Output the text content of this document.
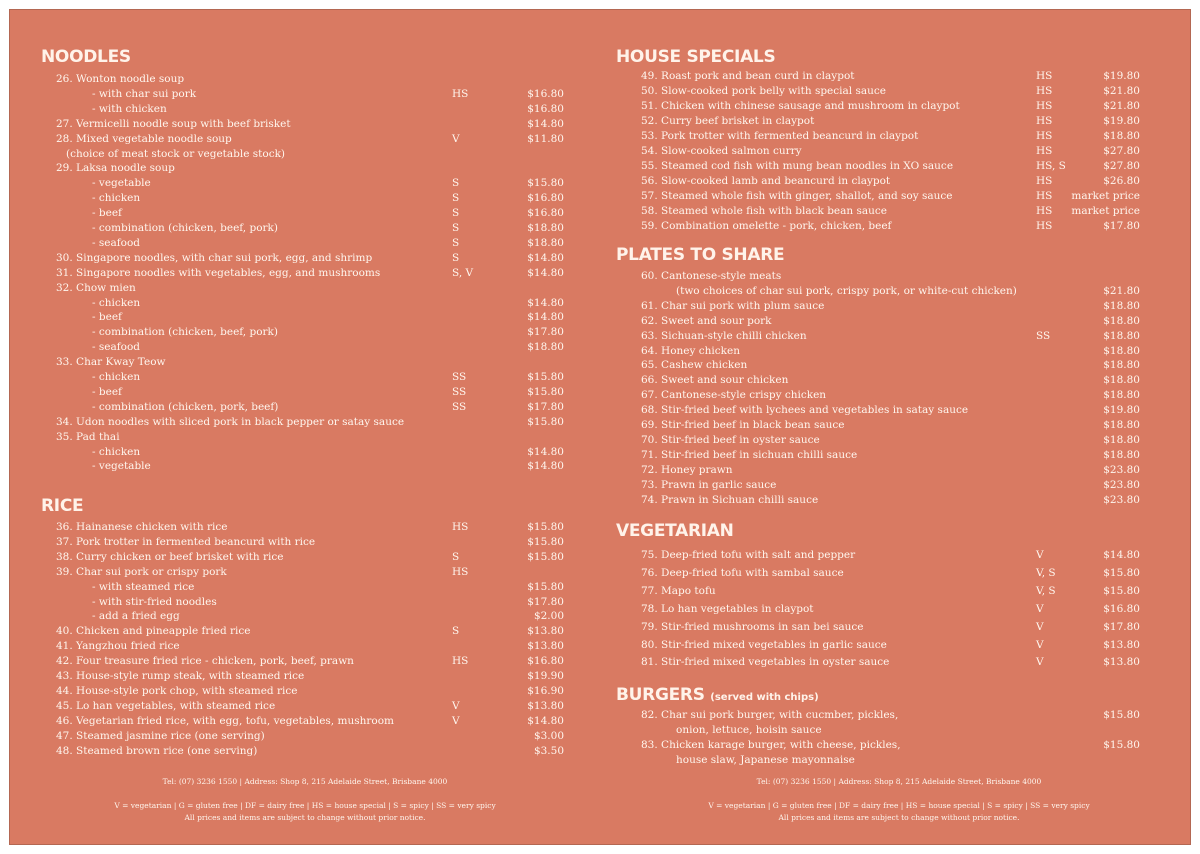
NOODLES
26. Wonton noodle soup
- with char sui pork	HS	$16.80
- with chicken	$16.80
27. Vermicelli noodle soup with beef brisket	$14.80
28. Mixed vegetable noodle soup	V	$11.80
(choice of meat stock or vegetable stock)
29. Laksa noodle soup
- vegetable	S	$15.80
- chicken	S	$16.80
- beef	S	$16.80
- combination (chicken, beef, pork)	S	$18.80
- seafood	S	$18.80
30. Singapore noodles, with char sui pork, egg, and shrimp	S	$14.80
31. Singapore noodles with vegetables, egg, and mushrooms	S, V	$14.80
32. Chow mien
- chicken	$14.80
- beef	$14.80
- combination (chicken, beef, pork)	$17.80
- seafood	$18.80
33. Char Kway Teow
- chicken	SS	$15.80
- beef	SS	$15.80
- combination (chicken, pork, beef)	SS	$17.80
34. Udon noodles with sliced pork in black pepper or satay sauce	$15.80
35. Pad thai
- chicken	$14.80
- vegetable	$14.80
RICE
36. Hainanese chicken with rice	HS	$15.80
37. Pork trotter in fermented beancurd with rice	$15.80
38. Curry chicken or beef brisket with rice	S	$15.80
39. Char sui pork or crispy pork	HS
- with steamed rice	$15.80
- with stir-fried noodles	$17.80
- add a fried egg	$2.00
40. Chicken and pineapple fried rice	S	$13.80
41. Yangzhou fried rice	$13.80
42. Four treasure fried rice - chicken, pork, beef, prawn	HS	$16.80
43. House-style rump steak, with steamed rice	$19.90
44. House-style pork chop, with steamed rice	$16.90
45. Lo han vegetables, with steamed rice	V	$13.80
46. Vegetarian fried rice, with egg, tofu, vegetables, mushroom	V	$14.80
47. Steamed jasmine rice (one serving)	$3.00
48. Steamed brown rice (one serving)	$3.50
Tel: (07) 3236 1550 | Address: Shop 8, 215 Adelaide Street, Brisbane 4000
V = vegetarian | G = gluten free | DF = dairy free | HS = house special | S = spicy | SS = very spicy
All prices and items are subject to change without prior notice.
HOUSE SPECIALS
49. Roast pork and bean curd in claypot	HS	$19.80
50. Slow-cooked pork belly with special sauce	HS	$21.80
51. Chicken with chinese sausage and mushroom in claypot	HS	$21.80
52. Curry beef brisket in claypot	HS	$19.80
53. Pork trotter with fermented beancurd in claypot	HS	$18.80
54. Slow-cooked salmon curry	HS	$27.80
55. Steamed cod fish with mung bean noodles in XO sauce	HS, S	$27.80
56. Slow-cooked lamb and beancurd in claypot	HS	$26.80
57. Steamed whole fish with ginger, shallot, and soy sauce	HS market price
58. Steamed whole fish with black bean sauce	HS market price
59. Combination omelette - pork, chicken, beef	HS	$17.80
PLATES TO SHARE
60. Cantonese-style meats
(two choices of char sui pork, crispy pork, or white-cut chicken)	$21.80
61. Char sui pork with plum sauce	$18.80
62. Sweet and sour pork	$18.80
63. Sichuan-style chilli chicken	SS	$18.80
64. Honey chicken	$18.80
65. Cashew chicken	$18.80
66. Sweet and sour chicken	$18.80
67. Cantonese-style crispy chicken	$18.80
68. Stir-fried beef with lychees and vegetables in satay sauce	$19.80
69. Stir-fried beef in black bean sauce	$18.80
70. Stir-fried beef in oyster sauce	$18.80
71. Stir-fried beef in sichuan chilli sauce	$18.80
72. Honey prawn	$23.80
73. Prawn in garlic sauce	$23.80
74. Prawn in Sichuan chilli sauce	$23.80
VEGETARIAN
75. Deep-fried tofu with salt and pepper	V	$14.80
76. Deep-fried tofu with sambal sauce	V, S	$15.80
77. Mapo tofu	V, S	$15.80
78. Lo han vegetables in claypot	V	$16.80
79. Stir-fried mushrooms in san bei sauce	V	$17.80
80. Stir-fried mixed vegetables in garlic sauce	V	$13.80
81. Stir-fried mixed vegetables in oyster sauce	V	$13.80
BURGERS (served with chips)
82. Char sui pork burger, with cucmber, pickles,	$15.80
onion, lettuce, hoisin sauce
83. Chicken karage burger, with cheese, pickles,	$15.80
house slaw, Japanese mayonnaise
Tel: (07) 3236 1550 | Address: Shop 8, 215 Adelaide Street, Brisbane 4000
V = vegetarian | G = gluten free | DF = dairy free | HS = house special | S = spicy | SS = very spicy
All prices and items are subject to change without prior notice.
